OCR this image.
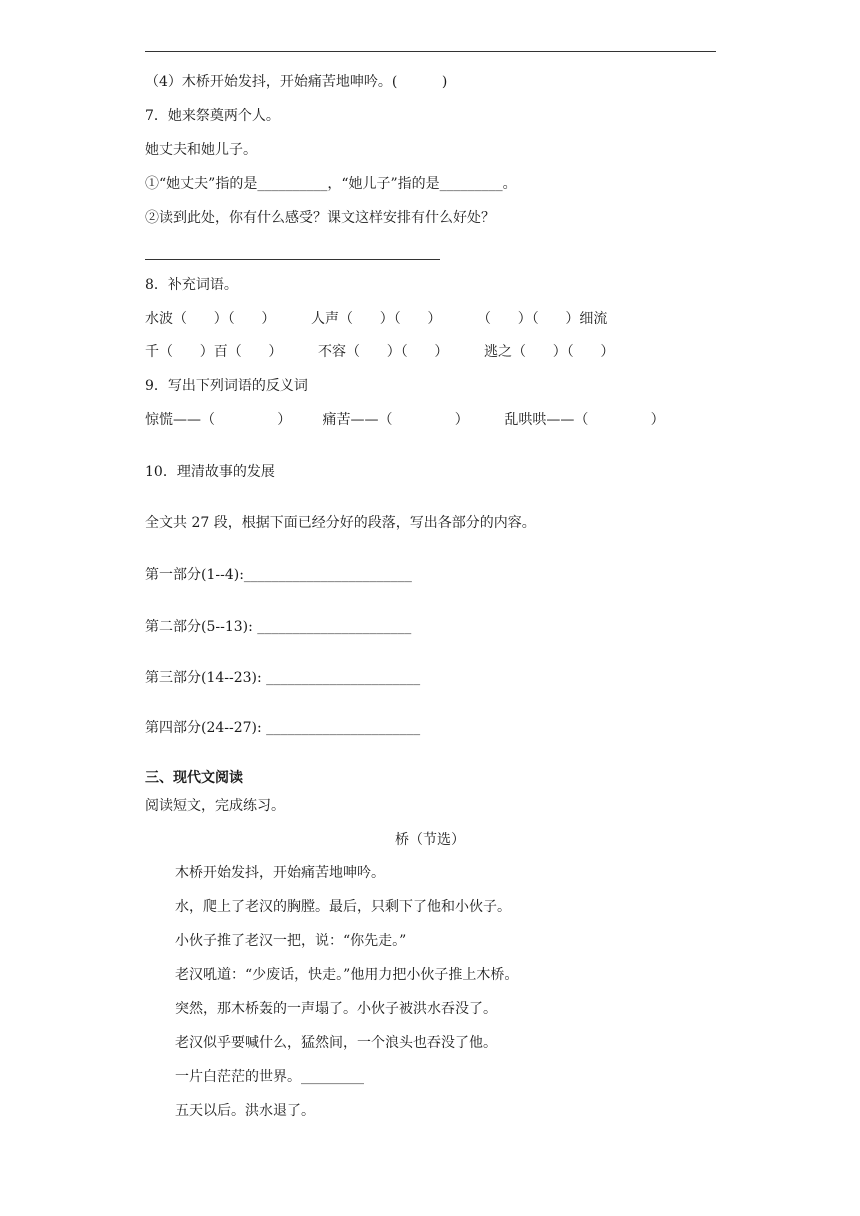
（4）木桥开始发抖，开始痛苦地呻吟。(          )
7．她来祭奠两个人。
她丈夫和她儿子。
①“她丈夫”指的是__________，“她儿子”指的是_________。
②读到此处，你有什么感受？课文这样安排有什么好处？
8．补充词语。
水波（      ）（      ）        人声（      ）（      ）        （      ）（      ）细流
千（      ）百（      ）        不容（      ）（      ）        逃之（      ）（      ）
9．写出下列词语的反义词
惊慌——（              ）       痛苦——（              ）        乱哄哄——（              ）
10．理清故事的发展
全文共 27 段，根据下面已经分好的段落，写出各部分的内容。
第一部分(1--4):________________________
第二部分(5--13): ______________________
第三部分(14--23): ______________________
第四部分(24--27): ______________________
三、现代文阅读
阅读短文，完成练习。
桥（节选）
木桥开始发抖，开始痛苦地呻吟。
水，爬上了老汉的胸膛。最后，只剩下了他和小伙子。
小伙子推了老汉一把，说：“你先走。”
老汉吼道：“少废话，快走。”他用力把小伙子推上木桥。
突然，那木桥轰的一声塌了。小伙子被洪水吞没了。
老汉似乎要喊什么，猛然间，一个浪头也吞没了他。
一片白茫茫的世界。_________
五天以后。洪水退了。
